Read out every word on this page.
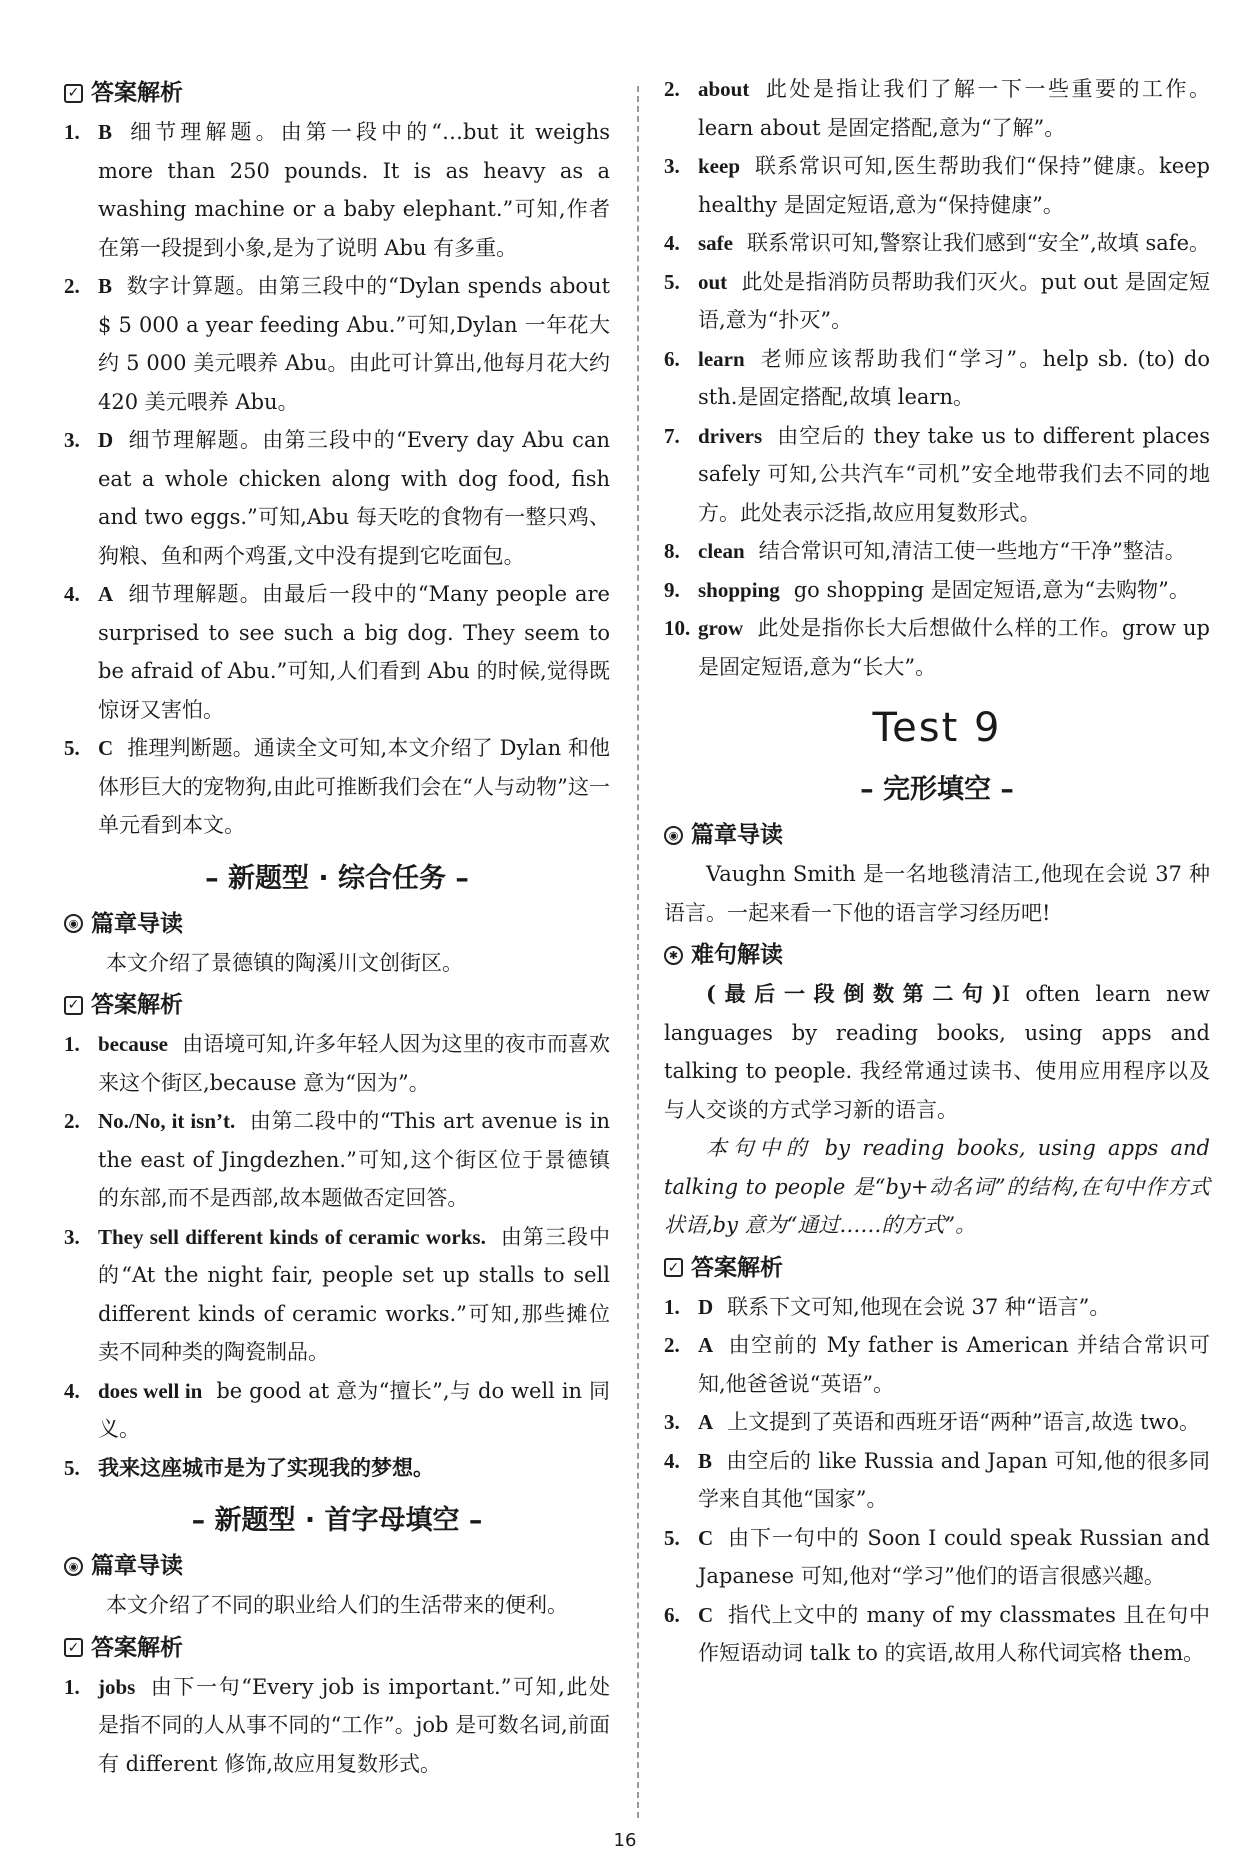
✓ 答案解析
1. B 细节理解题。由第一段中的“…but it weighs more than 250 pounds. It is as heavy as a washing machine or a baby elephant.”可知,作者在第一段提到小象,是为了说明 Abu 有多重。
2. B 数字计算题。由第三段中的“Dylan spends about $ 5 000 a year feeding Abu.”可知,Dylan 一年花大约 5 000 美元喂养 Abu。由此可计算出,他每月花大约 420 美元喂养 Abu。
3. D 细节理解题。由第三段中的“Every day Abu can eat a whole chicken along with dog food, fish and two eggs.”可知,Abu 每天吃的食物有一整只鸡、狗粮、鱼和两个鸡蛋,文中没有提到它吃面包。
4. A 细节理解题。由最后一段中的“Many people are surprised to see such a big dog. They seem to be afraid of Abu.”可知,人们看到 Abu 的时候,觉得既惊讶又害怕。
5. C 推理判断题。通读全文可知,本文介绍了 Dylan 和他体形巨大的宠物狗,由此可推断我们会在“人与动物”这一单元看到本文。
– 新题型 · 综合任务 –
◉ 篇章导读
本文介绍了景德镇的陶溪川文创街区。
✓ 答案解析
1. because 由语境可知,许多年轻人因为这里的夜市而喜欢来这个街区,because 意为“因为”。
2. No./No, it isn’t. 由第二段中的“This art avenue is in the east of Jingdezhen.”可知,这个街区位于景德镇的东部,而不是西部,故本题做否定回答。
3. They sell different kinds of ceramic works. 由第三段中的“At the night fair, people set up stalls to sell different kinds of ceramic works.”可知,那些摊位卖不同种类的陶瓷制品。
4. does well in be good at 意为“擅长”,与 do well in 同义。
5. 我来这座城市是为了实现我的梦想。
– 新题型 · 首字母填空 –
◉ 篇章导读
本文介绍了不同的职业给人们的生活带来的便利。
✓ 答案解析
1. jobs 由下一句“Every job is important.”可知,此处是指不同的人从事不同的“工作”。job 是可数名词,前面有 different 修饰,故应用复数形式。
2. about 此处是指让我们了解一下一些重要的工作。learn about 是固定搭配,意为“了解”。
3. keep 联系常识可知,医生帮助我们“保持”健康。keep healthy 是固定短语,意为“保持健康”。
4. safe 联系常识可知,警察让我们感到“安全”,故填 safe。
5. out 此处是指消防员帮助我们灭火。put out 是固定短语,意为“扑灭”。
6. learn 老师应该帮助我们“学习”。help sb. (to) do sth.是固定搭配,故填 learn。
7. drivers 由空后的 they take us to different places safely 可知,公共汽车“司机”安全地带我们去不同的地方。此处表示泛指,故应用复数形式。
8. clean 结合常识可知,清洁工使一些地方“干净”整洁。
9. shopping go shopping 是固定短语,意为“去购物”。
10. grow 此处是指你长大后想做什么样的工作。grow up 是固定短语,意为“长大”。
Test 9
– 完形填空 –
◉ 篇章导读
Vaughn Smith 是一名地毯清洁工,他现在会说 37 种语言。一起来看一下他的语言学习经历吧!
✱ 难句解读
(最后一段倒数第二句)I often learn new languages by reading books, using apps and talking to people. 我经常通过读书、使用应用程序以及与人交谈的方式学习新的语言。
本句中的 by reading books, using apps and talking to people 是“by+动名词”的结构,在句中作方式状语,by 意为“通过……的方式”。
✓ 答案解析
1. D 联系下文可知,他现在会说 37 种“语言”。
2. A 由空前的 My father is American 并结合常识可知,他爸爸说“英语”。
3. A 上文提到了英语和西班牙语“两种”语言,故选 two。
4. B 由空后的 like Russia and Japan 可知,他的很多同学来自其他“国家”。
5. C 由下一句中的 Soon I could speak Russian and Japanese 可知,他对“学习”他们的语言很感兴趣。
6. C 指代上文中的 many of my classmates 且在句中作短语动词 talk to 的宾语,故用人称代词宾格 them。
16
